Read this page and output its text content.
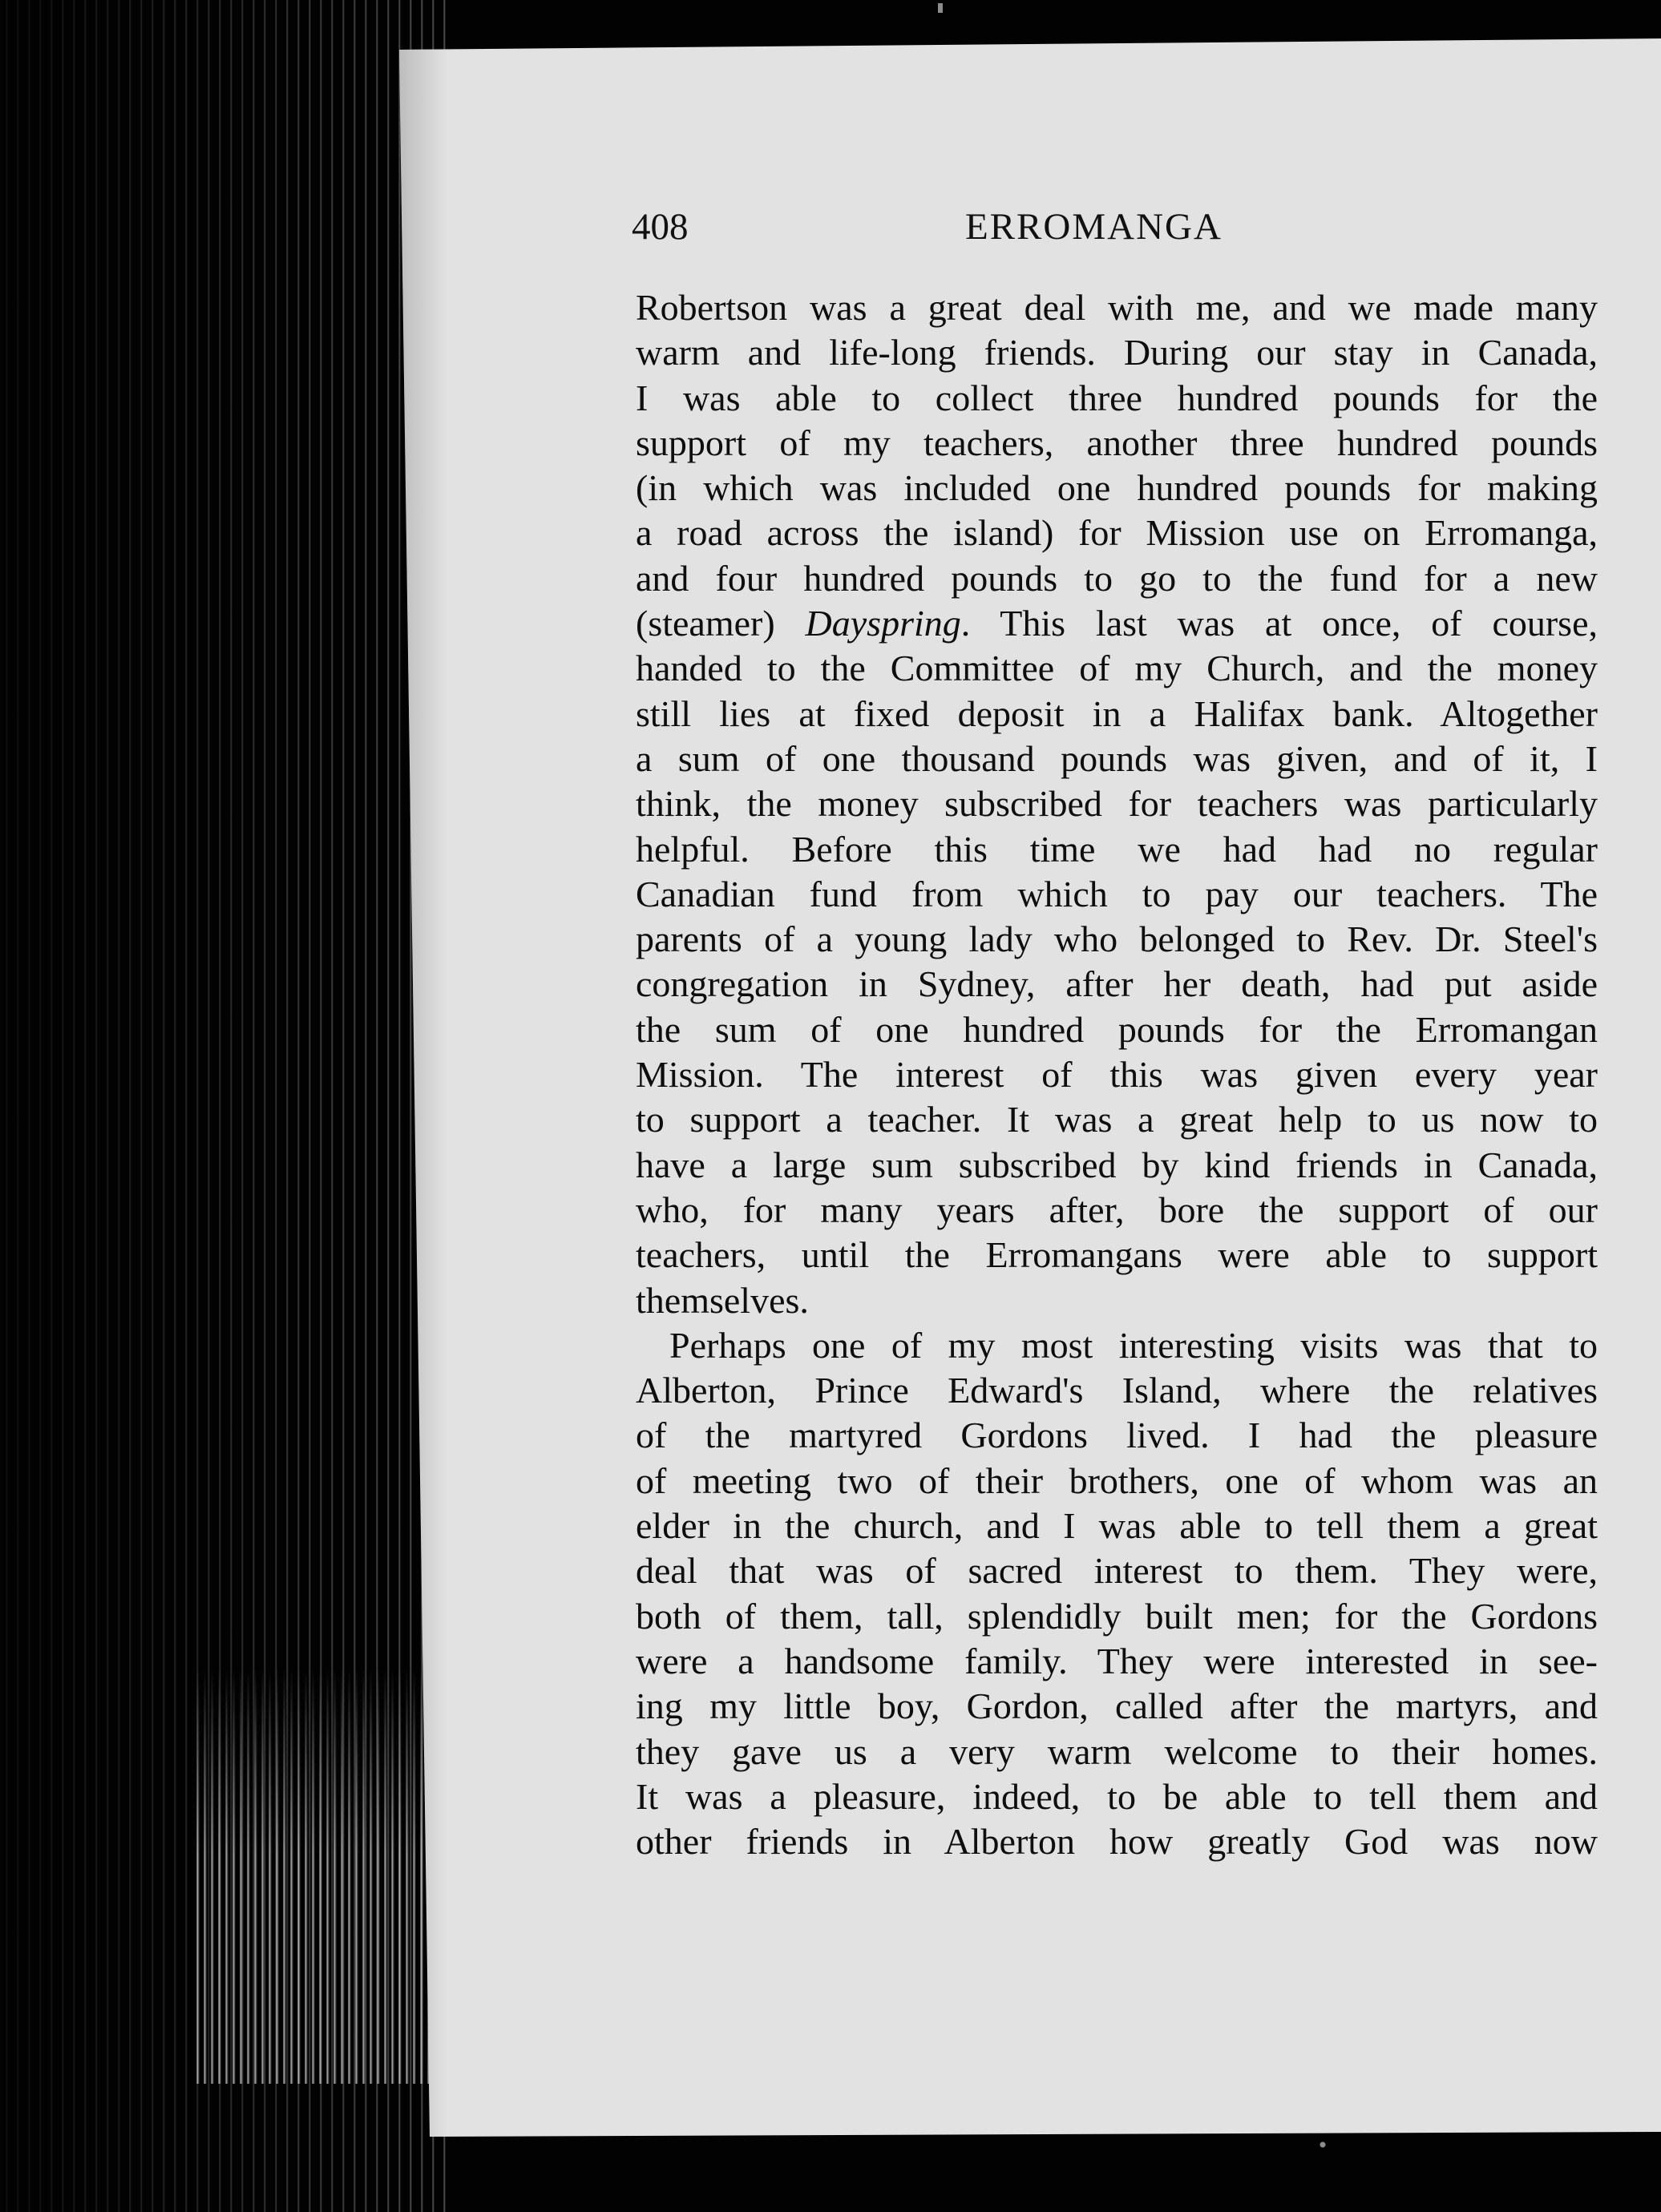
408	ERROMANGA
Robertson was a great deal with me, and we made many
warm and life-long friends. During our stay in Canada,
I was able to collect three hundred pounds for the
support of my teachers, another three hundred pounds
(in which was included one hundred pounds for making
a road across the island) for Mission use on Erromanga,
and four hundred pounds to go to the fund for a new
(steamer) Dayspring. This last was at once, of course,
handed to the Committee of my Church, and the money
still lies at fixed deposit in a Halifax bank. Altogether
a sum of one thousand pounds was given, and of it, I
think, the money subscribed for teachers was particularly
helpful. Before this time we had had no regular
Canadian fund from which to pay our teachers. The
parents of a young lady who belonged to Rev. Dr. Steel's
congregation in Sydney, after her death, had put aside
the sum of one hundred pounds for the Erromangan
Mission. The interest of this was given every year
to support a teacher. It was a great help to us now to
have a large sum subscribed by kind friends in Canada,
who, for many years after, bore the support of our
teachers, until the Erromangans were able to support
themselves.
Perhaps one of my most interesting visits was that to
Alberton, Prince Edward's Island, where the relatives
of the martyred Gordons lived. I had the pleasure
of meeting two of their brothers, one of whom was an
elder in the church, and I was able to tell them a great
deal that was of sacred interest to them. They were,
both of them, tall, splendidly built men; for the Gordons
were a handsome family. They were interested in see-
ing my little boy, Gordon, called after the martyrs, and
they gave us a very warm welcome to their homes.
It was a pleasure, indeed, to be able to tell them and
other friends in Alberton how greatly God was now
